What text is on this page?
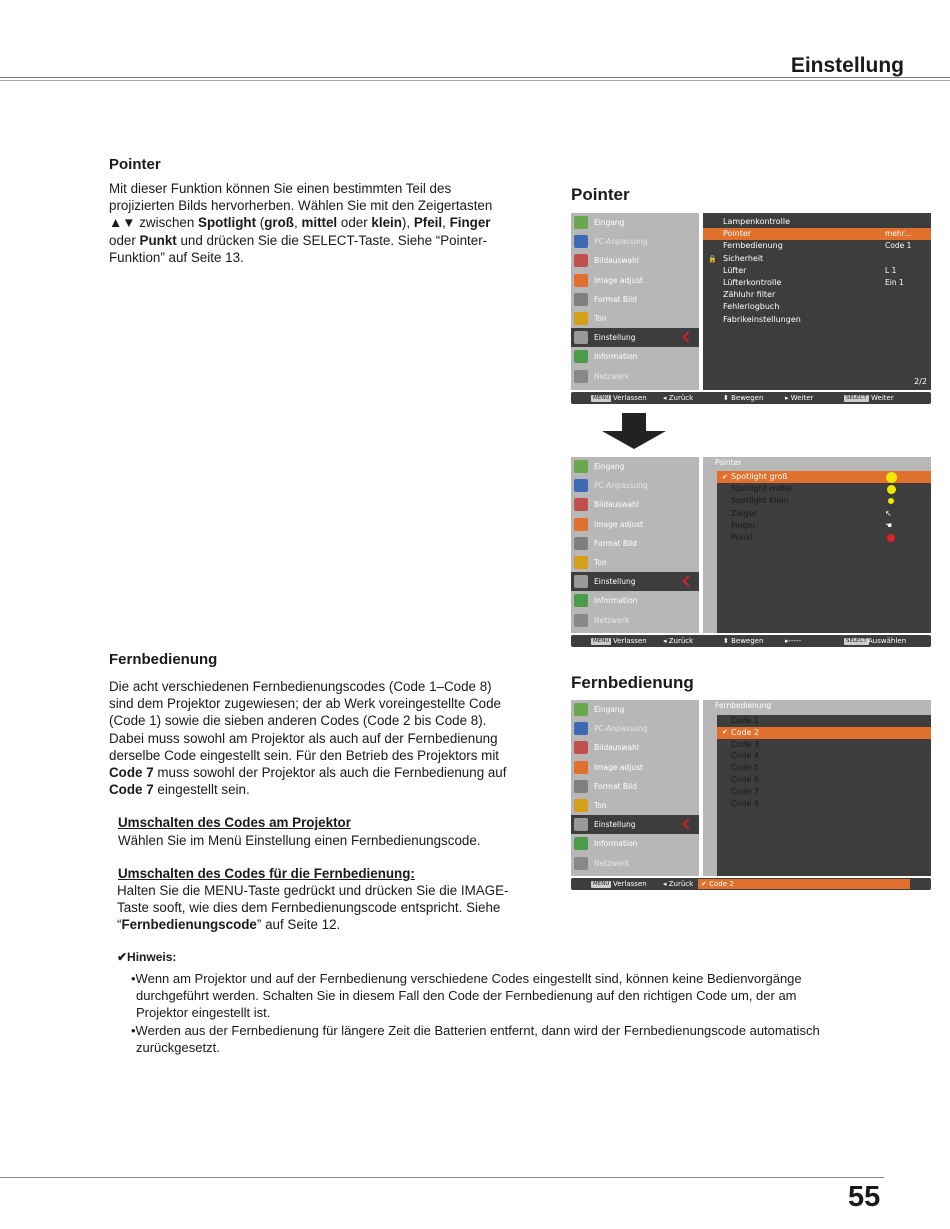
Einstellung
Pointer
Mit dieser Funktion können Sie einen bestimmten Teil des
projizierten Bilds hervorherben. Wählen Sie mit den Zeigertasten
▲▼ zwischen Spotlight (groß, mittel oder klein), Pfeil, Finger
oder Punkt und drücken Sie die SELECT-Taste. Siehe “Pointer-
Funktion” auf Seite 13.
Fernbedienung
Die acht verschiedenen Fernbedienungscodes (Code 1–Code 8)
sind dem Projektor zugewiesen; der ab Werk voreingestellte Code
(Code 1) sowie die sieben anderen Codes (Code 2 bis Code 8).
Dabei muss sowohl am Projektor als auch auf der Fernbedienung
derselbe Code eingestellt sein. Für den Betrieb des Projektors mit
Code 7 muss sowohl der Projektor als auch die Fernbedienung auf
Code 7 eingestellt sein.
Umschalten des Codes am Projektor
Wählen Sie im Menü Einstellung einen Fernbedienungscode.
Umschalten des Codes für die Fernbedienung:
Halten Sie die MENU-Taste gedrückt und drücken Sie die IMAGE-
Taste sooft, wie dies dem Fernbedienungscode entspricht. Siehe
“Fernbedienungscode” auf Seite 12.
✔Hinweis:
•Wenn am Projektor und auf der Fernbedienung verschiedene Codes eingestellt sind, können keine Bedienvorgänge
durchgeführt werden. Schalten Sie in diesem Fall den Code der Fernbedienung auf den richtigen Code um, der am
Projektor eingestellt ist.
•Werden aus der Fernbedienung für längere Zeit die Batterien entfernt, dann wird der Fernbedienungscode automatisch
zurückgesetzt.
Pointer
Fernbedienung
Eingang
PC-Anpassung
Bildauswahl
Image adjust
Format Bild
Ton
Einstellung
Information
Netzwerk
Lampenkontrolle
Pointer	mehr...
Fernbedienung	Code 1
Sicherheit
🔒
Lüfter	L 1
Lüfterkontrolle	Ein 1
Zähluhr filter
Fehlerlogbuch
Fabrikeinstellungen
2/2
MENU Verlassen ◂ Zurück	⬍ Bewegen	▸ Weiter	SELECT Weiter
Eingang
PC-Anpassung
Bildauswahl
Image adjust
Format Bild
Ton
Einstellung
Information
Netzwerk
Pointer
✔ Spotlight groß
Spotlight mittel
Spotlight klein
Zeiger	↖
Finger	☚
Punkt
MENU Verlassen ◂ Zurück	⬍ Bewegen	▸-----	SELECT Auswählen
Eingang
PC-Anpassung
Bildauswahl
Image adjust
Format Bild
Ton
Einstellung
Information
Netzwerk
Fernbedienung
Code 1
✔ Code 2
Code 3
Code 4
Code 5
Code 6
Code 7
Code 8
MENU Verlassen ◂ Zurück ✔ Code 2
55
